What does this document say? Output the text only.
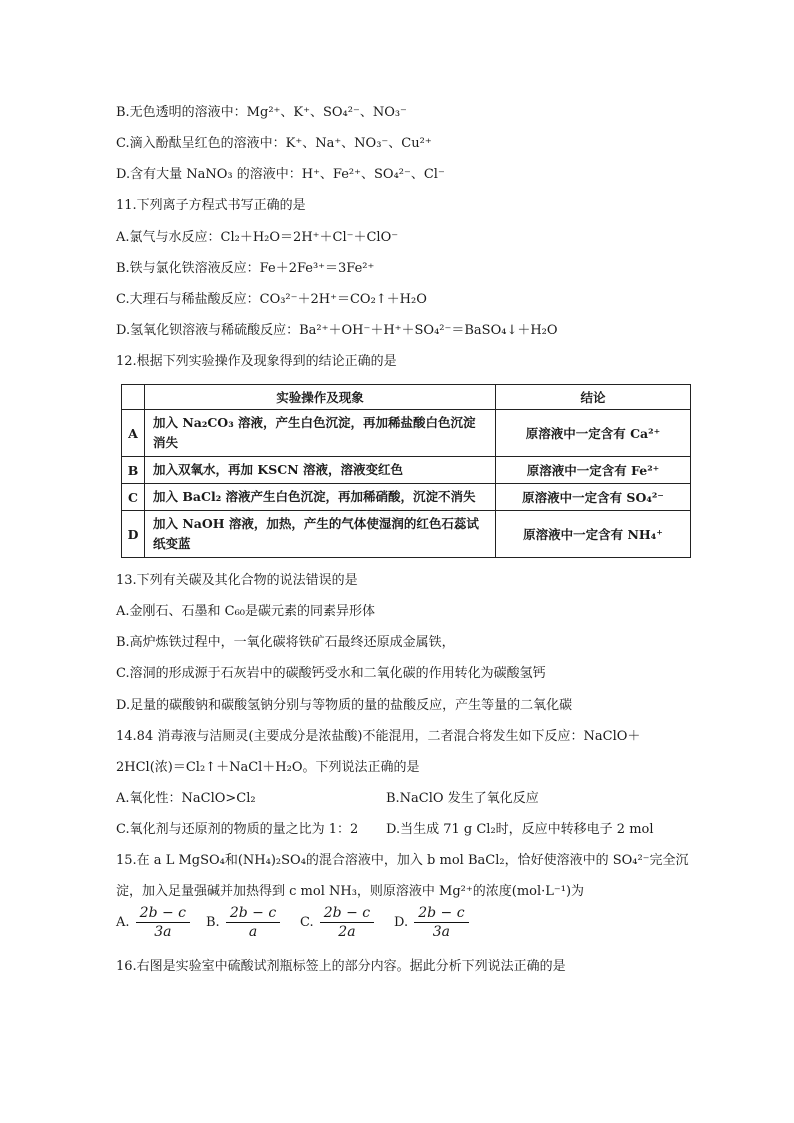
B.无色透明的溶液中：Mg²⁺、K⁺、SO₄²⁻、NO₃⁻
C.滴入酚酞呈红色的溶液中：K⁺、Na⁺、NO₃⁻、Cu²⁺
D.含有大量 NaNO₃ 的溶液中：H⁺、Fe²⁺、SO₄²⁻、Cl⁻
11.下列离子方程式书写正确的是
A.氯气与水反应：Cl₂＋H₂O＝2H⁺＋Cl⁻＋ClO⁻
B.铁与氯化铁溶液反应：Fe＋2Fe³⁺＝3Fe²⁺
C.大理石与稀盐酸反应：CO₃²⁻＋2H⁺＝CO₂↑＋H₂O
D.氢氧化钡溶液与稀硫酸反应：Ba²⁺＋OH⁻＋H⁺＋SO₄²⁻＝BaSO₄↓＋H₂O
12.根据下列实验操作及现象得到的结论正确的是
	实验操作及现象	结论
A	加入 Na₂CO₃ 溶液，产生白色沉淀，再加稀盐酸白色沉淀消失	原溶液中一定含有 Ca²⁺
B	加入双氧水，再加 KSCN 溶液，溶液变红色	原溶液中一定含有 Fe²⁺
C	加入 BaCl₂ 溶液产生白色沉淀，再加稀硝酸，沉淀不消失	原溶液中一定含有 SO₄²⁻
D	加入 NaOH 溶液，加热，产生的气体使湿润的红色石蕊试纸变蓝	原溶液中一定含有 NH₄⁺
13.下列有关碳及其化合物的说法错误的是
A.金刚石、石墨和 C₆₀是碳元素的同素异形体
B.高炉炼铁过程中，一氧化碳将铁矿石最终还原成金属铁，
C.溶洞的形成源于石灰岩中的碳酸钙受水和二氧化碳的作用转化为碳酸氢钙
D.足量的碳酸钠和碳酸氢钠分别与等物质的量的盐酸反应，产生等量的二氧化碳
14.84 消毒液与洁厕灵(主要成分是浓盐酸)不能混用，二者混合将发生如下反应：NaClO＋
2HCl(浓)＝Cl₂↑＋NaCl＋H₂O。下列说法正确的是
A.氧化性：NaClO>Cl₂	B.NaClO 发生了氧化反应
C.氧化剂与还原剂的物质的量之比为 1：2 D.当生成 71 g Cl₂时，反应中转移电子 2 mol
15.在 a L MgSO₄和(NH₄)₂SO₄的混合溶液中，加入 b mol BaCl₂，恰好使溶液中的 SO₄²⁻完全沉
淀，加入足量强碱并加热得到 c mol NH₃，则原溶液中 Mg²⁺的浓度(mol·L⁻¹)为
A. $\frac{2b - c}{3a} B$. $\frac{2b - c}{a} C$. $\frac{2b - c}{2a} D$. $\frac{2b - c}{3a}$
16.右图是实验室中硫酸试剂瓶标签上的部分内容。据此分析下列说法正确的是
